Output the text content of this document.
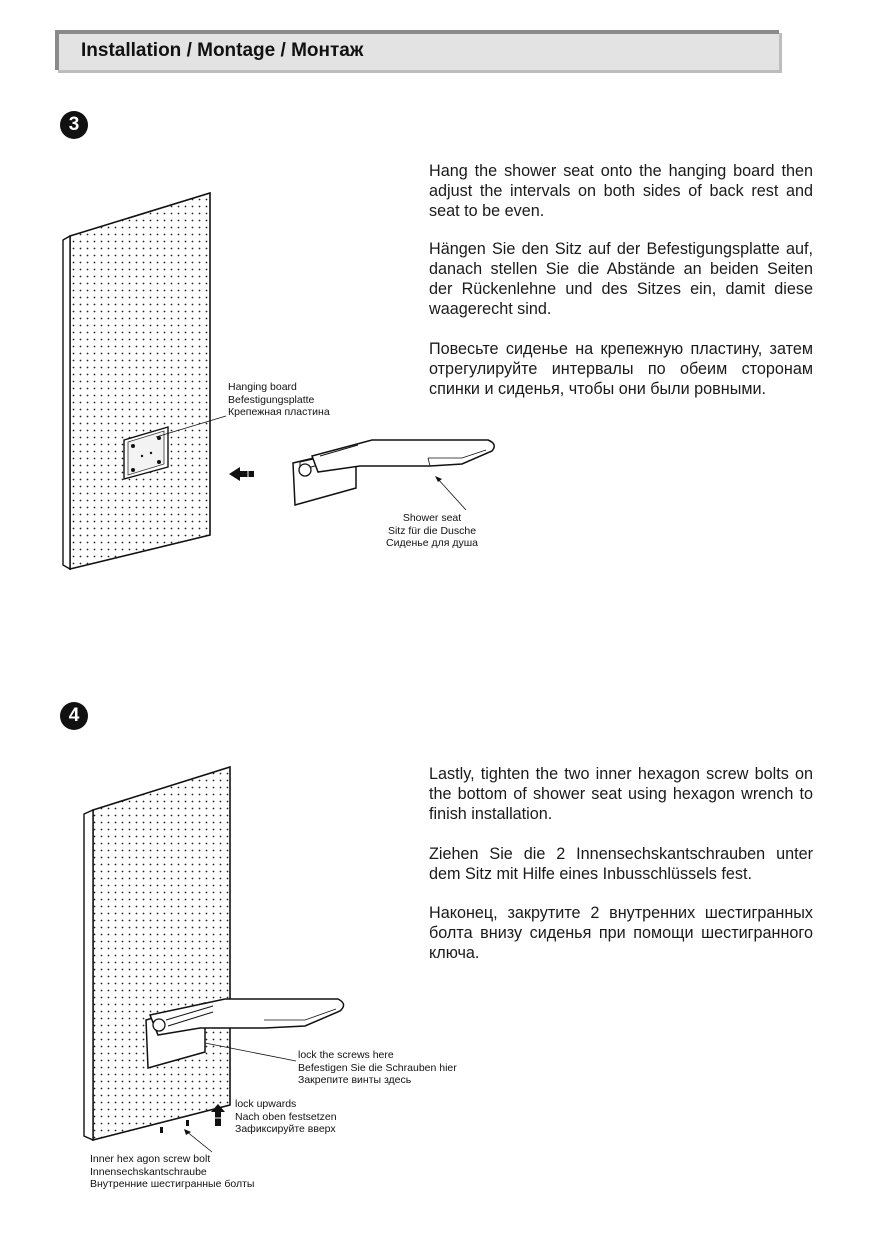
Installation / Montage / Монтаж
3
4

Hang the shower seat onto the hanging board then adjust the intervals on both sides of back rest and seat to be even.

Hängen Sie den Sitz auf der Befestigungsplatte auf, danach stellen Sie die Abstände an beiden Seiten der Rückenlehne und des Sitzes ein, damit diese waagerecht sind.

Повесьте сиденье на крепежную пластину, затем отрегулируйте интервалы по обеим сторонам спинки и сиденья, чтобы они были ровными.

Lastly, tighten the two inner hexagon screw bolts on the bottom of shower seat using hexagon wrench to finish installation.

Ziehen Sie die 2 Innensechskantschrauben unter dem Sitz mit Hilfe eines Inbusschlüssels fest.

Наконец, закрутите 2 внутренних шестигранных болта внизу сиденья при помощи шестигранного ключа.

Hanging board
Befestigungsplatte
Крепежная пластина
Shower seat
Sitz für die Dusche
Сиденье для душа
lock the screws here
Befestigen Sie die Schrauben hier
Закрепите винты здесь
lock upwards
Nach oben festsetzen
Зафиксируйте вверх
Inner hex agon screw bolt
Innensechskantschraube
Внутренние шестигранные болты
